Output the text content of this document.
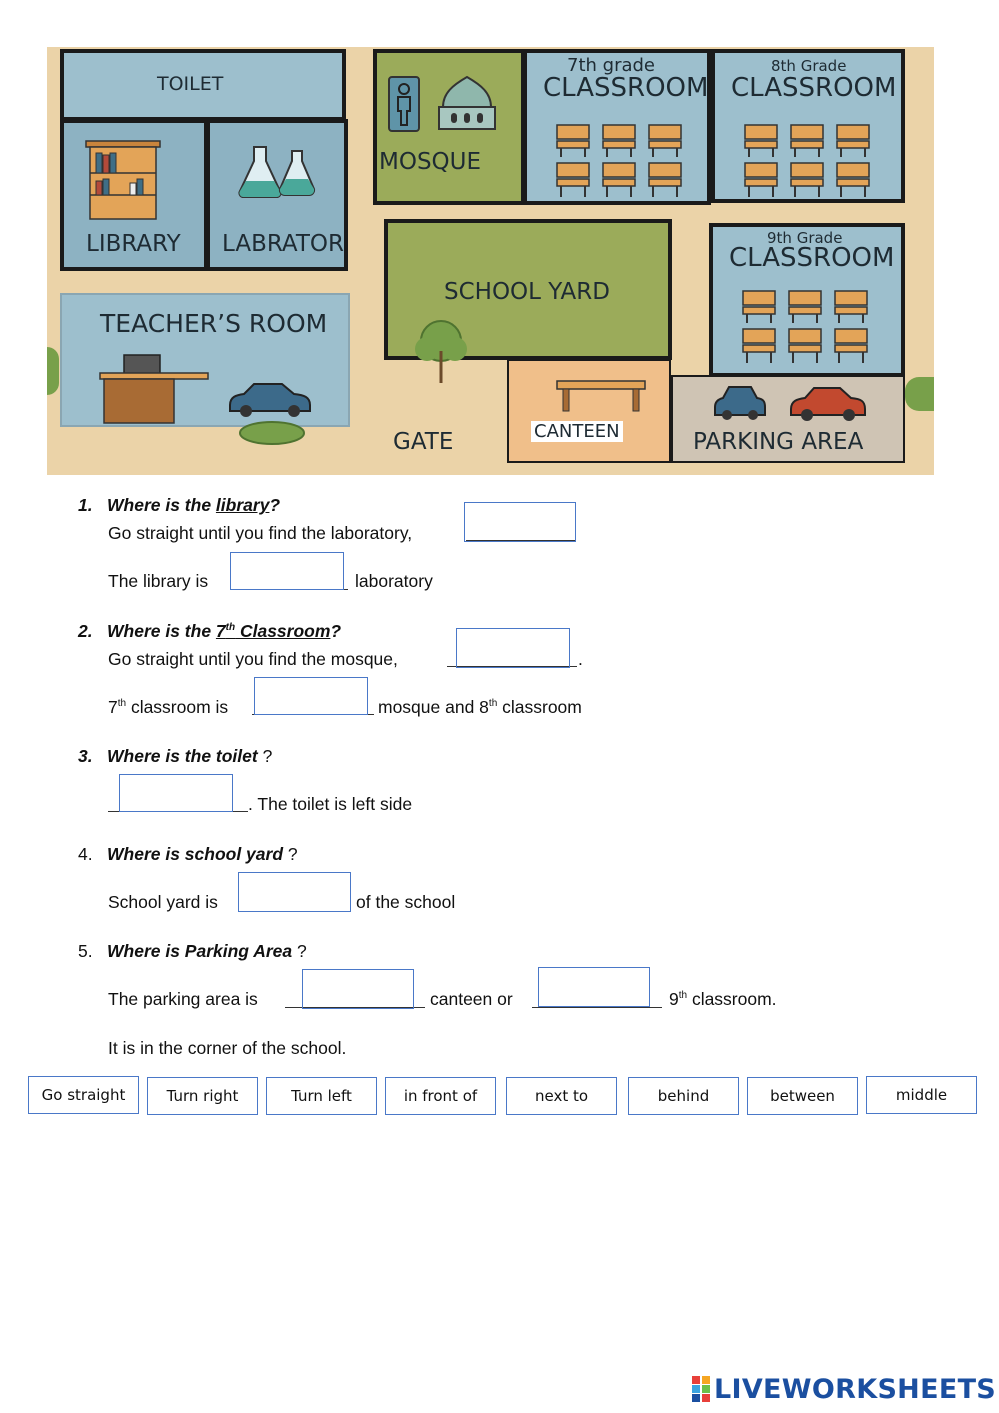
TOILET
LIBRARY LABRATOR
MOSQUE
7th grade
CLASSROOM
8th Grade
CLASSROOM
9th Grade
CLASSROOM
SCHOOL YARD
TEACHER’S ROOM
GATE	CANTEEN	PARKING AREA
1. Where is the library?
Go straight until you find the laboratory,
The library is	laboratory
2. Where is the 7th Classroom?
Go straight until you find the mosque,	.
7th classroom is	mosque and 8th classroom
3. Where is the toilet ?
. The toilet is left side
4. Where is school yard ?
School yard is	of the school
5. Where is Parking Area ?
The parking area is	canteen or	9th classroom.
It is in the corner of the school.
Go straight	Turn right	Turn left	in front of	next to	behind	between	middle
LIVEWORKSHEETS
